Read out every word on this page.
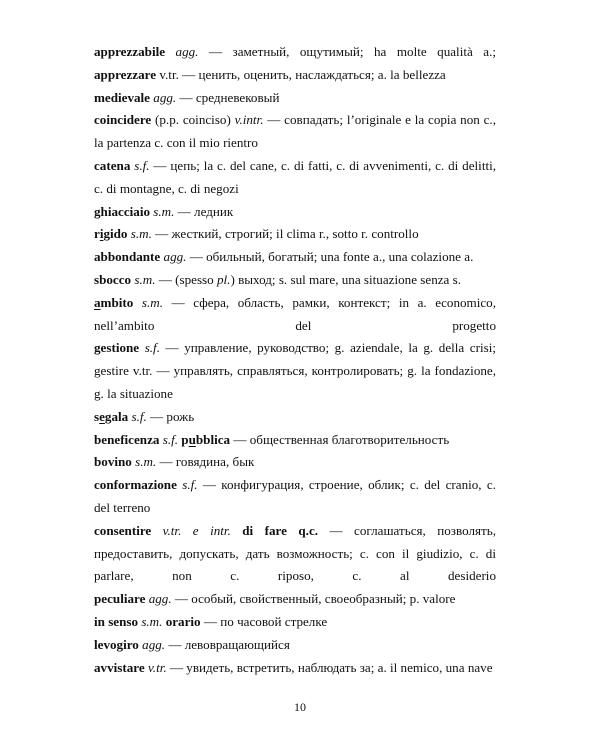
apprezzabile agg. — заметный, ощутимый; ha molte qualità a.;
apprezzare v.tr. — ценить, оценить, наслаждаться; a. la bellezza
medievale agg. — средневековый
coincidere (p.p. coinciso) v.intr. — совпадать; l’originale e la copia non c., la partenza c. con il mio rientro
catena s.f. — цепь; la c. del cane, c. di fatti, c. di avvenimenti, c. di delitti, c. di montagne, c. di negozi
ghiacciaio s.m. — ледник
rigido s.m. — жесткий, строгий; il clima r., sotto r. controllo
abbondante agg. — обильный, богатый; una fonte a., una colazione a.
sbocco s.m. — (spesso pl.) выход; s. sul mare, una situazione senza s.
ambito s.m. — сфера, область, рамки, контекст; in a. economico, nell’ambito del progetto
gestione s.f. — управление, руководство; g. aziendale, la g. della crisi; gestire v.tr. — управлять, справляться, контролировать; g. la fondazione, g. la situazione
segala s.f. — рожь
beneficenza s.f. pubblica — общественная благотворительность
bovino s.m. — говядина, бык
conformazione s.f. — конфигурация, строение, облик; c. del cranio, c. del terreno
consentire v.tr. e intr. di fare q.c. — соглашаться, позволять, предоставить, допускать, дать возможность; c. con il giudizio, c. di parlare, non c. riposo, c. al desiderio
peculiare agg. — особый, свойственный, своеобразный; p. valore
in senso s.m. orario — по часовой стрелке
levogiro agg. — левовращающийся
avvistare v.tr. — увидеть, встретить, наблюдать за; a. il nemico, una nave
10
